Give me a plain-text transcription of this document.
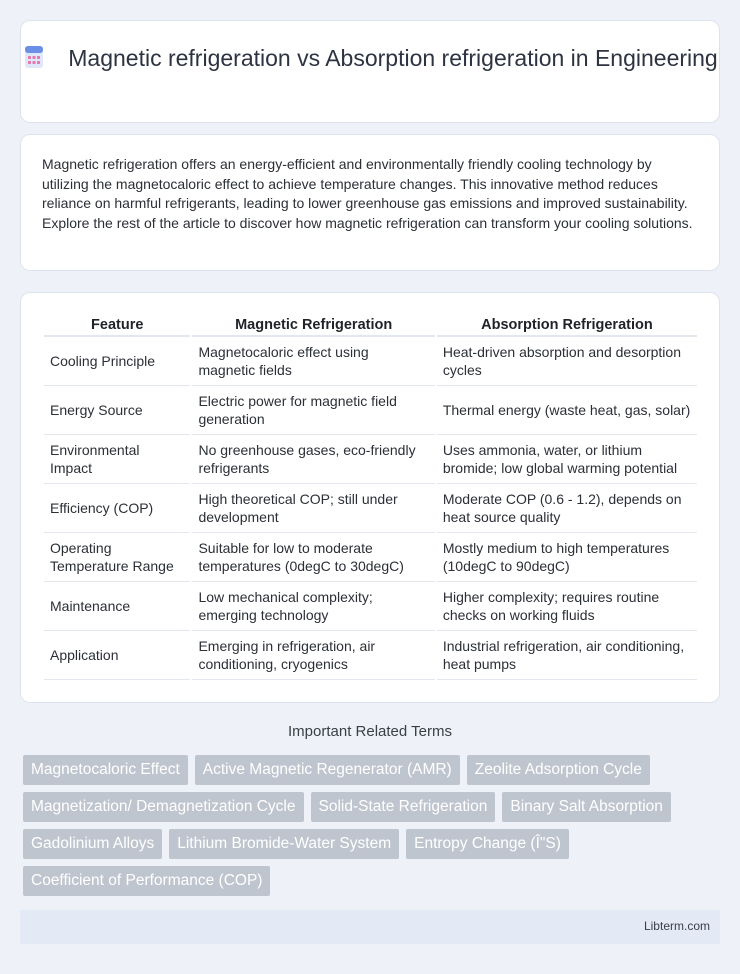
Magnetic refrigeration vs Absorption refrigeration in Engineering

Magnetic refrigeration offers an energy-efficient and environmentally friendly cooling technology by utilizing the magnetocaloric effect to achieve temperature changes. This innovative method reduces reliance on harmful refrigerants, leading to lower greenhouse gas emissions and improved sustainability. Explore the rest of the article to discover how magnetic refrigeration can transform your cooling solutions.

Feature	Magnetic Refrigeration	Absorption Refrigeration
Cooling Principle	Magnetocaloric effect using magnetic fields	Heat-driven absorption and desorption cycles
Energy Source	Electric power for magnetic field generation	Thermal energy (waste heat, gas, solar)
Environmental Impact	No greenhouse gases, eco-friendly refrigerants	Uses ammonia, water, or lithium bromide; low global warming potential
Efficiency (COP)	High theoretical COP; still under development	Moderate COP (0.6 - 1.2), depends on heat source quality
Operating Temperature Range	Suitable for low to moderate temperatures (0degC to 30degC)	Mostly medium to high temperatures (10degC to 90degC)
Maintenance	Low mechanical complexity; emerging technology	Higher complexity; requires routine checks on working fluids
Application	Emerging in refrigeration, air conditioning, cryogenics	Industrial refrigeration, air conditioning, heat pumps
Important Related Terms
Magnetocaloric Effect	Active Magnetic Regenerator (AMR)	Zeolite Adsorption Cycle
Magnetization/ Demagnetization Cycle	Solid-State Refrigeration	Binary Salt Absorption
Gadolinium Alloys	Lithium Bromide-Water System	Entropy Change (Î"S)
Coefficient of Performance (COP)
Libterm.com
